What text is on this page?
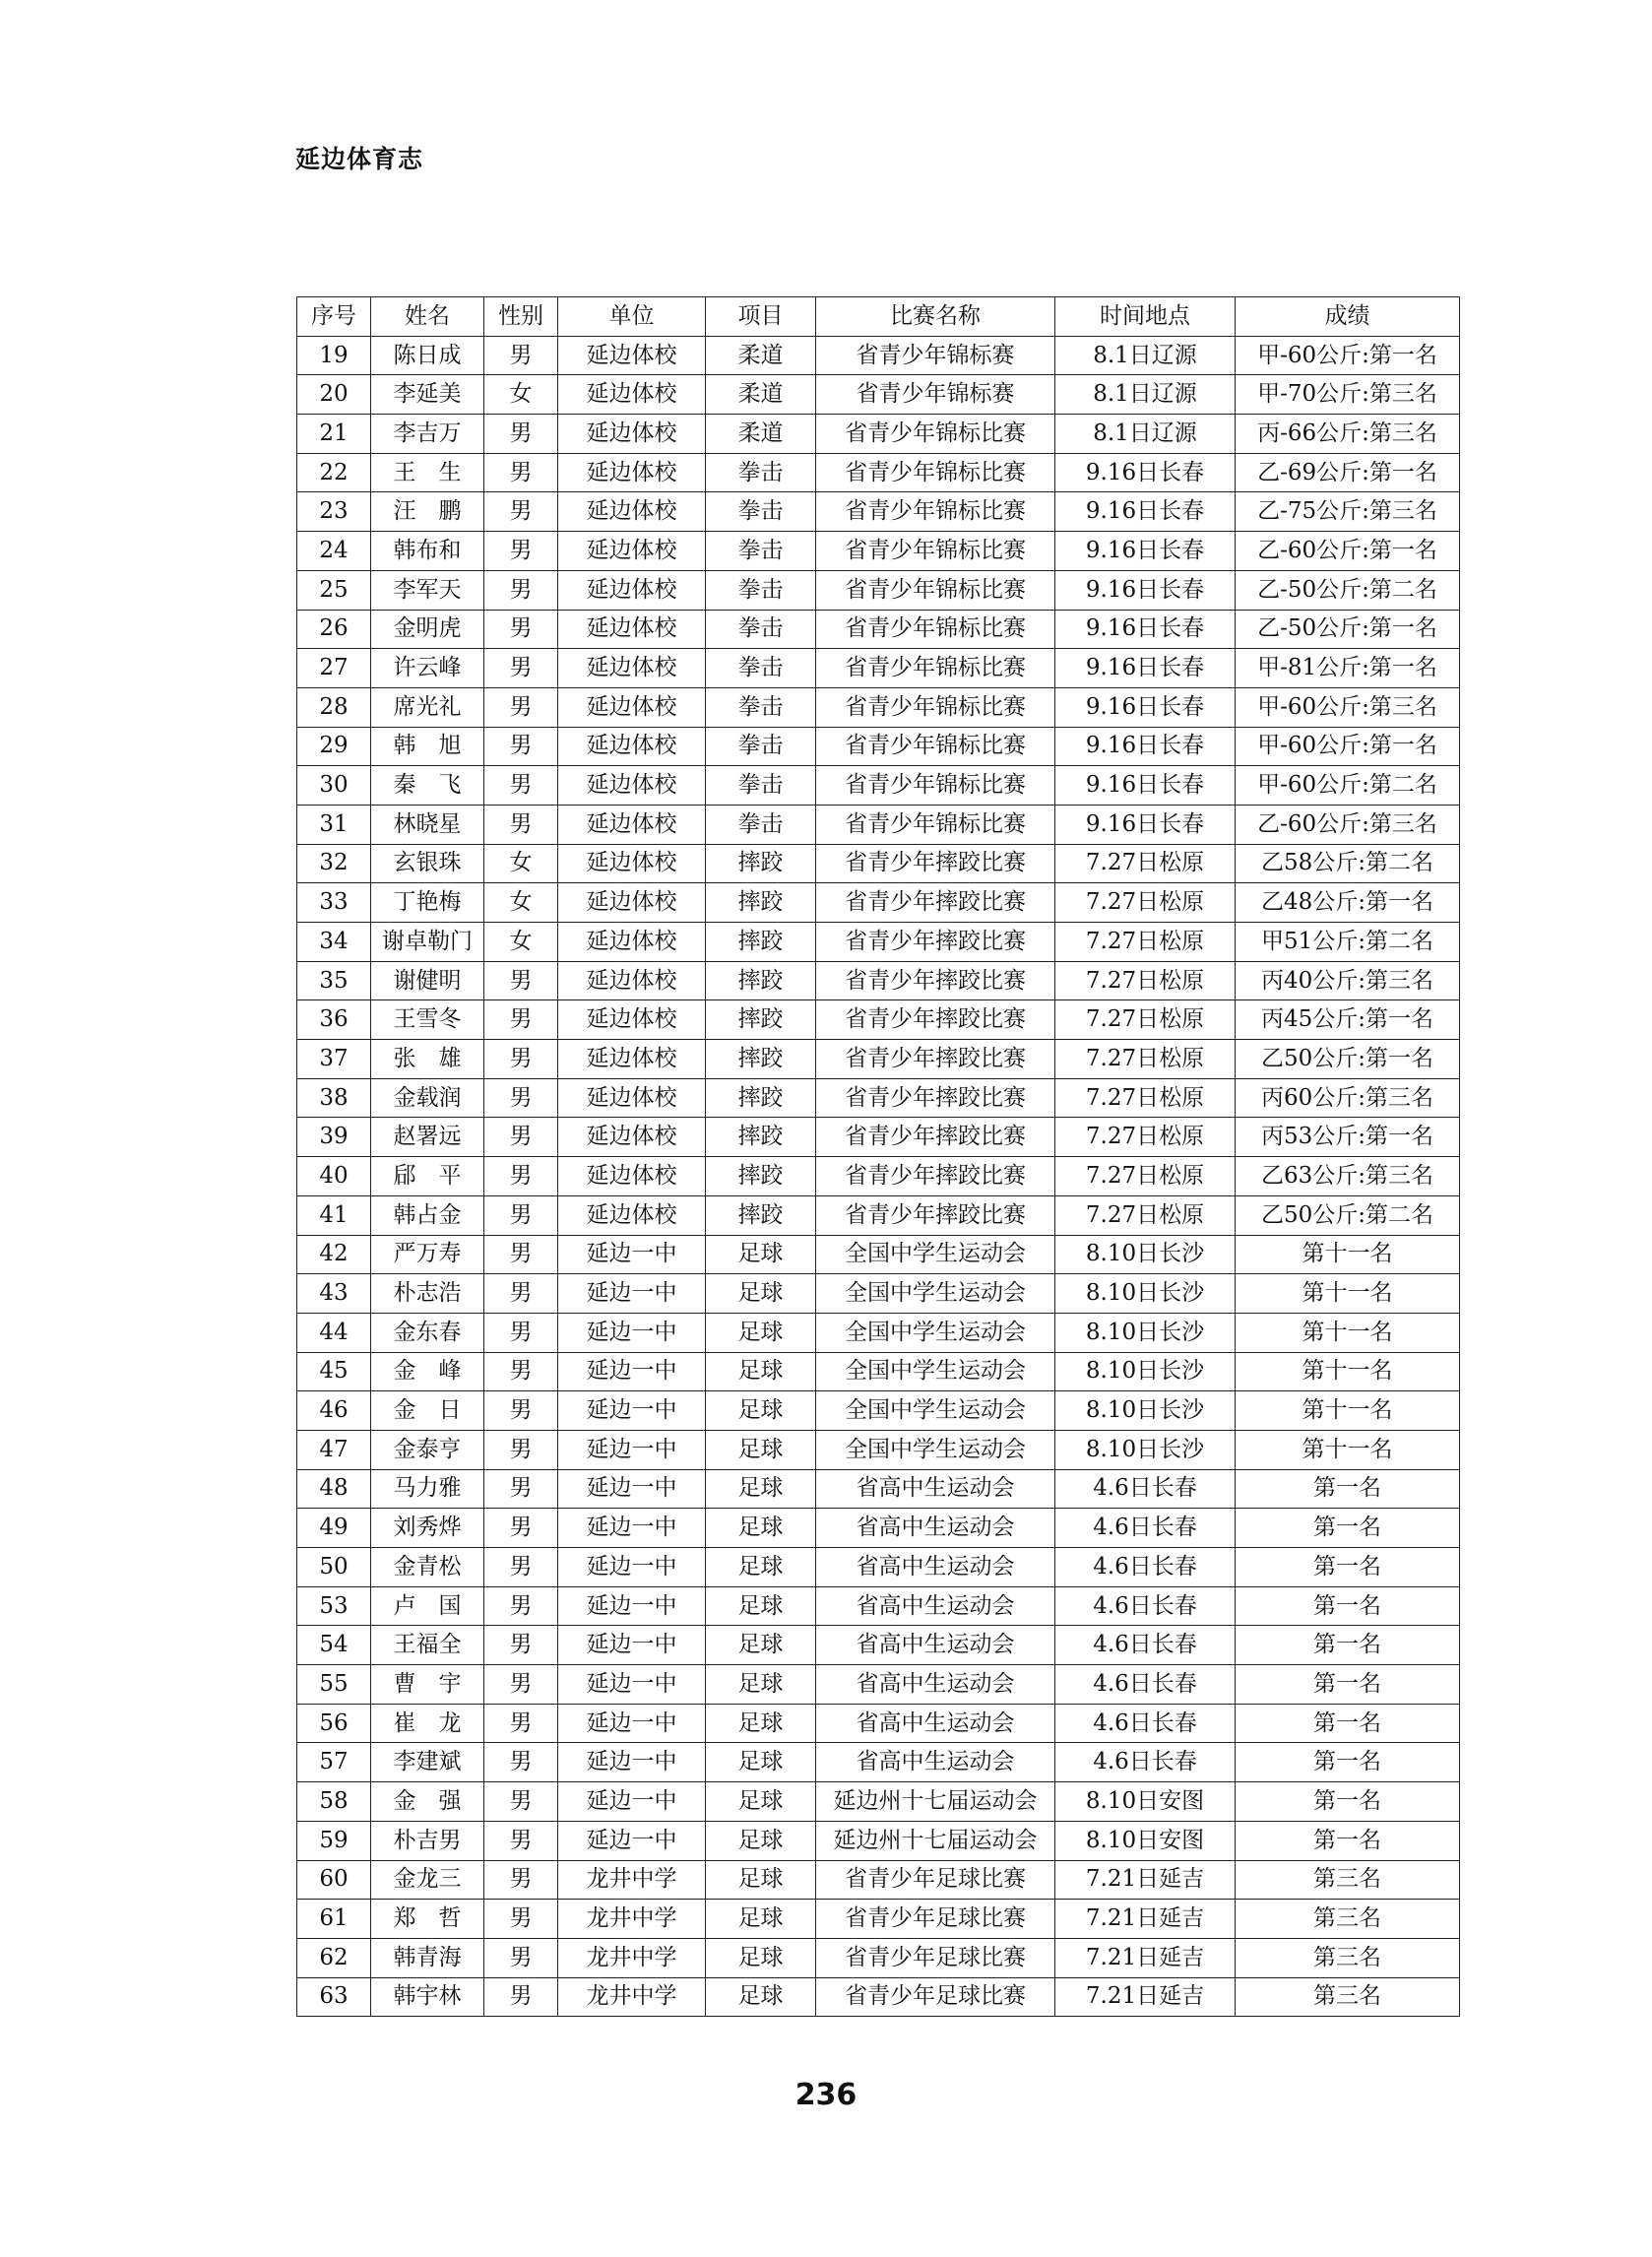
延边体育志
序号	姓名	性别	单位	项目	比赛名称	时间地点	成绩
19	陈日成	男	延边体校	柔道	省青少年锦标赛	8.1日辽源	甲-60公斤:第一名
20	李延美	女	延边体校	柔道	省青少年锦标赛	8.1日辽源	甲-70公斤:第三名
21	李吉万	男	延边体校	柔道	省青少年锦标比赛	8.1日辽源	丙-66公斤:第三名
22	王　生	男	延边体校	拳击	省青少年锦标比赛	9.16日长春	乙-69公斤:第一名
23	汪　鹏	男	延边体校	拳击	省青少年锦标比赛	9.16日长春	乙-75公斤:第三名
24	韩布和	男	延边体校	拳击	省青少年锦标比赛	9.16日长春	乙-60公斤:第一名
25	李军天	男	延边体校	拳击	省青少年锦标比赛	9.16日长春	乙-50公斤:第二名
26	金明虎	男	延边体校	拳击	省青少年锦标比赛	9.16日长春	乙-50公斤:第一名
27	许云峰	男	延边体校	拳击	省青少年锦标比赛	9.16日长春	甲-81公斤:第一名
28	席光礼	男	延边体校	拳击	省青少年锦标比赛	9.16日长春	甲-60公斤:第三名
29	韩　旭	男	延边体校	拳击	省青少年锦标比赛	9.16日长春	甲-60公斤:第一名
30	秦　飞	男	延边体校	拳击	省青少年锦标比赛	9.16日长春	甲-60公斤:第二名
31	林晓星	男	延边体校	拳击	省青少年锦标比赛	9.16日长春	乙-60公斤:第三名
32	玄银珠	女	延边体校	摔跤	省青少年摔跤比赛	7.27日松原	乙58公斤:第二名
33	丁艳梅	女	延边体校	摔跤	省青少年摔跤比赛	7.27日松原	乙48公斤:第一名
34	谢卓勒门	女	延边体校	摔跤	省青少年摔跤比赛	7.27日松原	甲51公斤:第二名
35	谢健明	男	延边体校	摔跤	省青少年摔跤比赛	7.27日松原	丙40公斤:第三名
36	王雪冬	男	延边体校	摔跤	省青少年摔跤比赛	7.27日松原	丙45公斤:第一名
37	张　雄	男	延边体校	摔跤	省青少年摔跤比赛	7.27日松原	乙50公斤:第一名
38	金载润	男	延边体校	摔跤	省青少年摔跤比赛	7.27日松原	丙60公斤:第三名
39	赵署远	男	延边体校	摔跤	省青少年摔跤比赛	7.27日松原	丙53公斤:第一名
40	郈　平	男	延边体校	摔跤	省青少年摔跤比赛	7.27日松原	乙63公斤:第三名
41	韩占金	男	延边体校	摔跤	省青少年摔跤比赛	7.27日松原	乙50公斤:第二名
42	严万寿	男	延边一中	足球	全国中学生运动会	8.10日长沙	第十一名
43	朴志浩	男	延边一中	足球	全国中学生运动会	8.10日长沙	第十一名
44	金东春	男	延边一中	足球	全国中学生运动会	8.10日长沙	第十一名
45	金　峰	男	延边一中	足球	全国中学生运动会	8.10日长沙	第十一名
46	金　日	男	延边一中	足球	全国中学生运动会	8.10日长沙	第十一名
47	金泰亨	男	延边一中	足球	全国中学生运动会	8.10日长沙	第十一名
48	马力雅	男	延边一中	足球	省高中生运动会	4.6日长春	第一名
49	刘秀烨	男	延边一中	足球	省高中生运动会	4.6日长春	第一名
50	金青松	男	延边一中	足球	省高中生运动会	4.6日长春	第一名
53	卢　国	男	延边一中	足球	省高中生运动会	4.6日长春	第一名
54	王福全	男	延边一中	足球	省高中生运动会	4.6日长春	第一名
55	曹　宇	男	延边一中	足球	省高中生运动会	4.6日长春	第一名
56	崔　龙	男	延边一中	足球	省高中生运动会	4.6日长春	第一名
57	李建斌	男	延边一中	足球	省高中生运动会	4.6日长春	第一名
58	金　强	男	延边一中	足球	延边州十七届运动会	8.10日安图	第一名
59	朴吉男	男	延边一中	足球	延边州十七届运动会	8.10日安图	第一名
60	金龙三	男	龙井中学	足球	省青少年足球比赛	7.21日延吉	第三名
61	郑　哲	男	龙井中学	足球	省青少年足球比赛	7.21日延吉	第三名
62	韩青海	男	龙井中学	足球	省青少年足球比赛	7.21日延吉	第三名
63	韩宇林	男	龙井中学	足球	省青少年足球比赛	7.21日延吉	第三名
236
